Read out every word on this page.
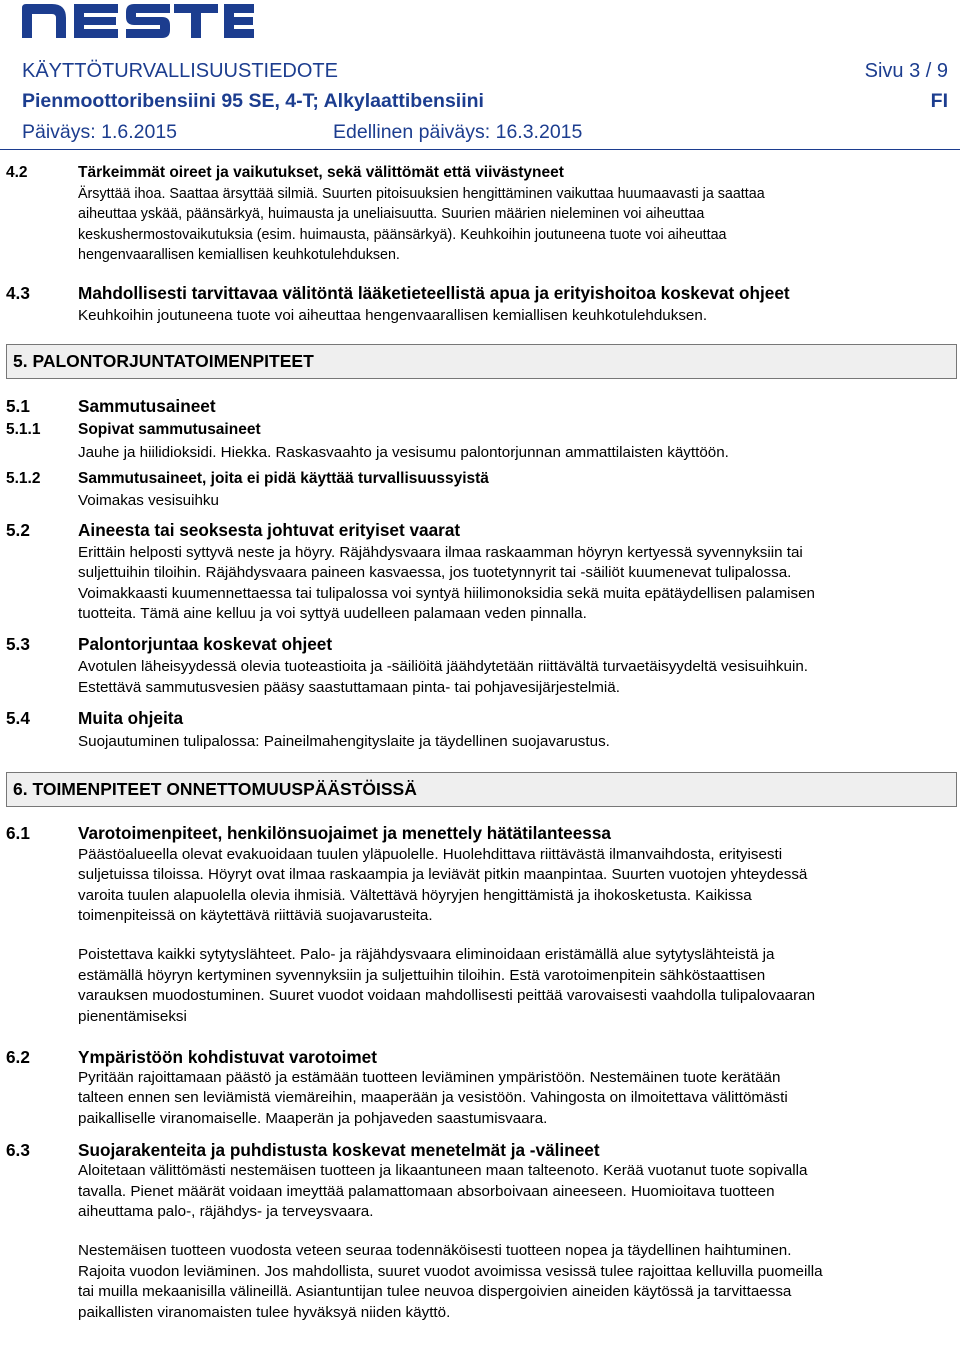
KÄYTTÖTURVALLISUUSTIEDOTE	Sivu 3 / 9
Pienmoottoribensiini 95 SE, 4-T; Alkylaattibensiini	FI
Päiväys: 1.6.2015	Edellinen päiväys: 16.3.2015
4.2	Tärkeimmät oireet ja vaikutukset, sekä välittömät että viivästyneet
Ärsyttää ihoa. Saattaa ärsyttää silmiä. Suurten pitoisuuksien hengittäminen vaikuttaa huumaavasti ja saattaa
aiheuttaa yskää, päänsärkyä, huimausta ja uneliaisuutta. Suurien määrien nieleminen voi aiheuttaa
keskushermostovaikutuksia (esim. huimausta, päänsärkyä). Keuhkoihin joutuneena tuote voi aiheuttaa
hengenvaarallisen kemiallisen keuhkotulehduksen.
4.3	Mahdollisesti tarvittavaa välitöntä lääketieteellistä apua ja erityishoitoa koskevat ohjeet
Keuhkoihin joutuneena tuote voi aiheuttaa hengenvaarallisen kemiallisen keuhkotulehduksen.
5. PALONTORJUNTATOIMENPITEET
5.1	Sammutusaineet
5.1.1 Sopivat sammutusaineet
Jauhe ja hiilidioksidi. Hiekka. Raskasvaahto ja vesisumu palontorjunnan ammattilaisten käyttöön.
5.1.2 Sammutusaineet, joita ei pidä käyttää turvallisuussyistä
Voimakas vesisuihku
5.2	Aineesta tai seoksesta johtuvat erityiset vaarat
Erittäin helposti syttyvä neste ja höyry. Räjähdysvaara ilmaa raskaamman höyryn kertyessä syvennyksiin tai
suljettuihin tiloihin. Räjähdysvaara paineen kasvaessa, jos tuotetynnyrit tai -säiliöt kuumenevat tulipalossa.
Voimakkaasti kuumennettaessa tai tulipalossa voi syntyä hiilimonoksidia sekä muita epätäydellisen palamisen
tuotteita. Tämä aine kelluu ja voi syttyä uudelleen palamaan veden pinnalla.
5.3	Palontorjuntaa koskevat ohjeet
Avotulen läheisyydessä olevia tuoteastioita ja -säiliöitä jäähdytetään riittävältä turvaetäisyydeltä vesisuihkuin.
Estettävä sammutusvesien pääsy saastuttamaan pinta- tai pohjavesijärjestelmiä.
5.4	Muita ohjeita
Suojautuminen tulipalossa: Paineilmahengityslaite ja täydellinen suojavarustus.
6. TOIMENPITEET ONNETTOMUUSPÄÄSTÖISSÄ
6.1	Varotoimenpiteet, henkilönsuojaimet ja menettely hätätilanteessa
Päästöalueella olevat evakuoidaan tuulen yläpuolelle. Huolehdittava riittävästä ilmanvaihdosta, erityisesti
suljetuissa tiloissa. Höyryt ovat ilmaa raskaampia ja leviävät pitkin maanpintaa. Suurten vuotojen yhteydessä
varoita tuulen alapuolella olevia ihmisiä. Vältettävä höyryjen hengittämistä ja ihokosketusta. Kaikissa
toimenpiteissä on käytettävä riittäviä suojavarusteita.
Poistettava kaikki sytytyslähteet. Palo- ja räjähdysvaara eliminoidaan eristämällä alue sytytyslähteistä ja
estämällä höyryn kertyminen syvennyksiin ja suljettuihin tiloihin. Estä varotoimenpitein sähköstaattisen
varauksen muodostuminen. Suuret vuodot voidaan mahdollisesti peittää varovaisesti vaahdolla tulipalovaaran
pienentämiseksi
6.2	Ympäristöön kohdistuvat varotoimet
Pyritään rajoittamaan päästö ja estämään tuotteen leviäminen ympäristöön. Nestemäinen tuote kerätään
talteen ennen sen leviämistä viemäreihin, maaperään ja vesistöön. Vahingosta on ilmoitettava välittömästi
paikalliselle viranomaiselle. Maaperän ja pohjaveden saastumisvaara.
6.3	Suojarakenteita ja puhdistusta koskevat menetelmät ja -välineet
Aloitetaan välittömästi nestemäisen tuotteen ja likaantuneen maan talteenoto. Kerää vuotanut tuote sopivalla
tavalla. Pienet määrät voidaan imeyttää palamattomaan absorboivaan aineeseen. Huomioitava tuotteen
aiheuttama palo-, räjähdys- ja terveysvaara.
Nestemäisen tuotteen vuodosta veteen seuraa todennäköisesti tuotteen nopea ja täydellinen haihtuminen.
Rajoita vuodon leviäminen. Jos mahdollista, suuret vuodot avoimissa vesissä tulee rajoittaa kelluvilla puomeilla
tai muilla mekaanisilla välineillä. Asiantuntijan tulee neuvoa dispergoivien aineiden käytössä ja tarvittaessa
paikallisten viranomaisten tulee hyväksyä niiden käyttö.
